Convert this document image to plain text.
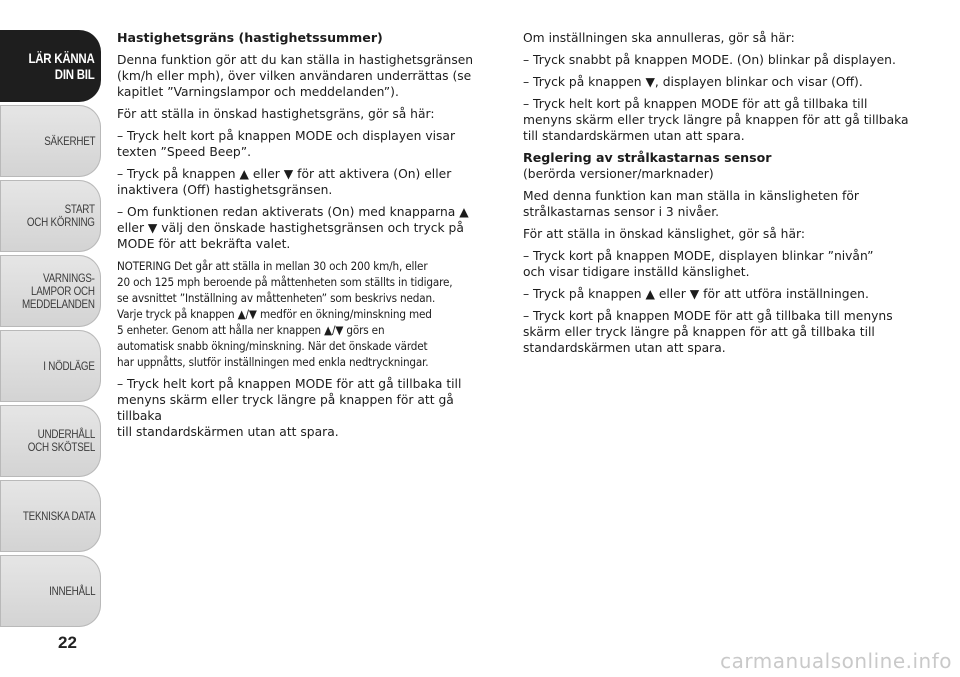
LÄR KÄNNA
DIN BIL
SÄKERHET
START
OCH KÖRNING
VARNINGS-
LAMPOR OCH
MEDDELANDEN
I NÖDLÄGE
UNDERHÅLL
OCH SKÖTSEL
TEKNISKA DATA
INNEHÅLL
22
Hastighetsgräns (hastighetssummer)

Denna funktion gör att du kan ställa in hastighetsgränsen
(km/h eller mph), över vilken användaren underrättas (se
kapitlet ”Varningslampor och meddelanden”).

För att ställa in önskad hastighetsgräns, gör så här:

– Tryck helt kort på knappen MODE och displayen visar
texten ”Speed Beep”.

– Tryck på knappen ▲ eller ▼ för att aktivera (On) eller
inaktivera (Off) hastighetsgränsen.

– Om funktionen redan aktiverats (On) med knapparna ▲
eller ▼ välj den önskade hastighetsgränsen och tryck på
MODE för att bekräfta valet.

NOTERING Det går att ställa in mellan 30 och 200 km/h, eller
20 och 125 mph beroende på måttenheten som ställts in tidigare,
se avsnittet ”Inställning av måttenheten” som beskrivs nedan.
Varje tryck på knappen ▲/▼ medför en ökning/minskning med
5 enheter. Genom att hålla ner knappen ▲/▼ görs en
automatisk snabb ökning/minskning. När det önskade värdet
har uppnåtts, slutför inställningen med enkla nedtryckningar.

– Tryck helt kort på knappen MODE för att gå tillbaka till
menyns skärm eller tryck längre på knappen för att gå tillbaka
till standardskärmen utan att spara.

Om inställningen ska annulleras, gör så här:

– Tryck snabbt på knappen MODE. (On) blinkar på displayen.

– Tryck på knappen ▼, displayen blinkar och visar (Off).

– Tryck helt kort på knappen MODE för att gå tillbaka till
menyns skärm eller tryck längre på knappen för att gå tillbaka
till standardskärmen utan att spara.

Reglering av strålkastarnas sensor

(berörda versioner/marknader)

Med denna funktion kan man ställa in känsligheten för
strålkastarnas sensor i 3 nivåer.

För att ställa in önskad känslighet, gör så här:

– Tryck kort på knappen MODE, displayen blinkar ”nivån”
och visar tidigare inställd känslighet.

– Tryck på knappen ▲ eller ▼ för att utföra inställningen.

– Tryck kort på knappen MODE för att gå tillbaka till menyns
skärm eller tryck längre på knappen för att gå tillbaka till
standardskärmen utan att spara.

carmanualsonline.info
